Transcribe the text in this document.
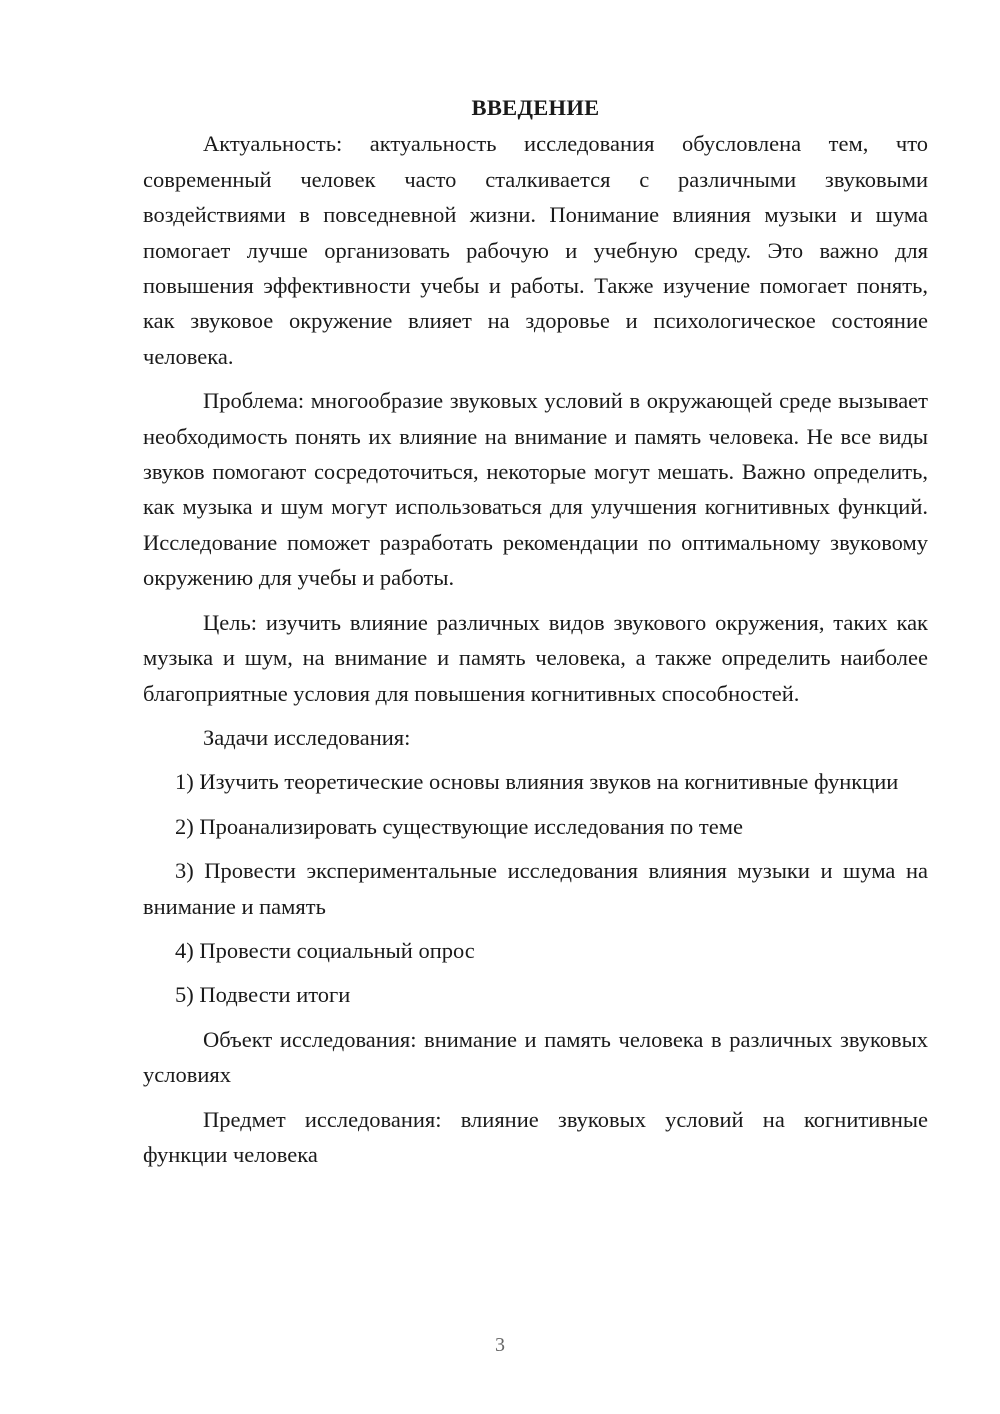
ВВЕДЕНИЕ

Актуальность: актуальность исследования обусловлена тем, что современный человек часто сталкивается с различными звуковыми воздействиями в повседневной жизни. Понимание влияния музыки и шума помогает лучше организовать рабочую и учебную среду. Это важно для повышения эффективности учебы и работы. Также изучение помогает понять, как звуковое окружение влияет на здоровье и психологическое состояние человека.

Проблема: многообразие звуковых условий в окружающей среде вызывает необходимость понять их влияние на внимание и память человека. Не все виды звуков помогают сосредоточиться, некоторые могут мешать. Важно определить, как музыка и шум могут использоваться для улучшения когнитивных функций. Исследование поможет разработать рекомендации по оптимальному звуковому окружению для учебы и работы.

Цель: изучить влияние различных видов звукового окружения, таких как музыка и шум, на внимание и память человека, а также определить наиболее благоприятные условия для повышения когнитивных способностей.

Задачи исследования:

1) Изучить теоретические основы влияния звуков на когнитивные функции

2) Проанализировать существующие исследования по теме

3) Провести экспериментальные исследования влияния музыки и шума на внимание и память

4) Провести социальный опрос

5) Подвести итоги

Объект исследования: внимание и память человека в различных звуковых условиях

Предмет исследования: влияние звуковых условий на когнитивные функции человека

3
